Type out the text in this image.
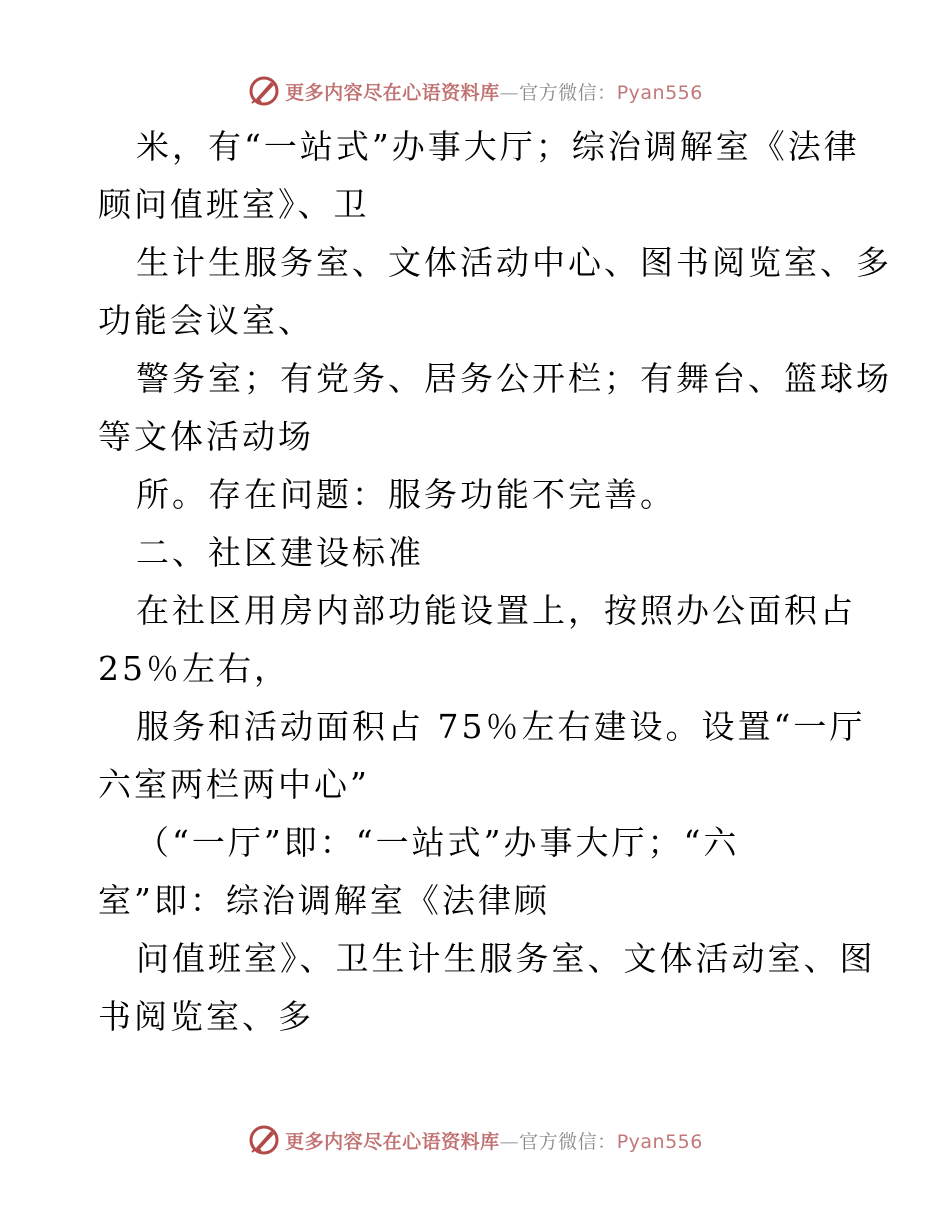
更多内容尽在心语资料库—官方微信：Pyan556
米，有“一站式”办事大厅；综治调解室《法律
顾问值班室》、卫
生计生服务室、文体活动中心、图书阅览室、多
功能会议室、
警务室；有党务、居务公开栏；有舞台、篮球场
等文体活动场
所。存在问题：服务功能不完善。
二、社区建设标准
在社区用房内部功能设置上，按照办公面积占
25％左右，
服务和活动面积占 75％左右建设。设置“一厅
六室两栏两中心”
（“一厅”即：“一站式”办事大厅；“六
室”即：综治调解室《法律顾
问值班室》、卫生计生服务室、文体活动室、图
书阅览室、多
更多内容尽在心语资料库—官方微信：Pyan556
